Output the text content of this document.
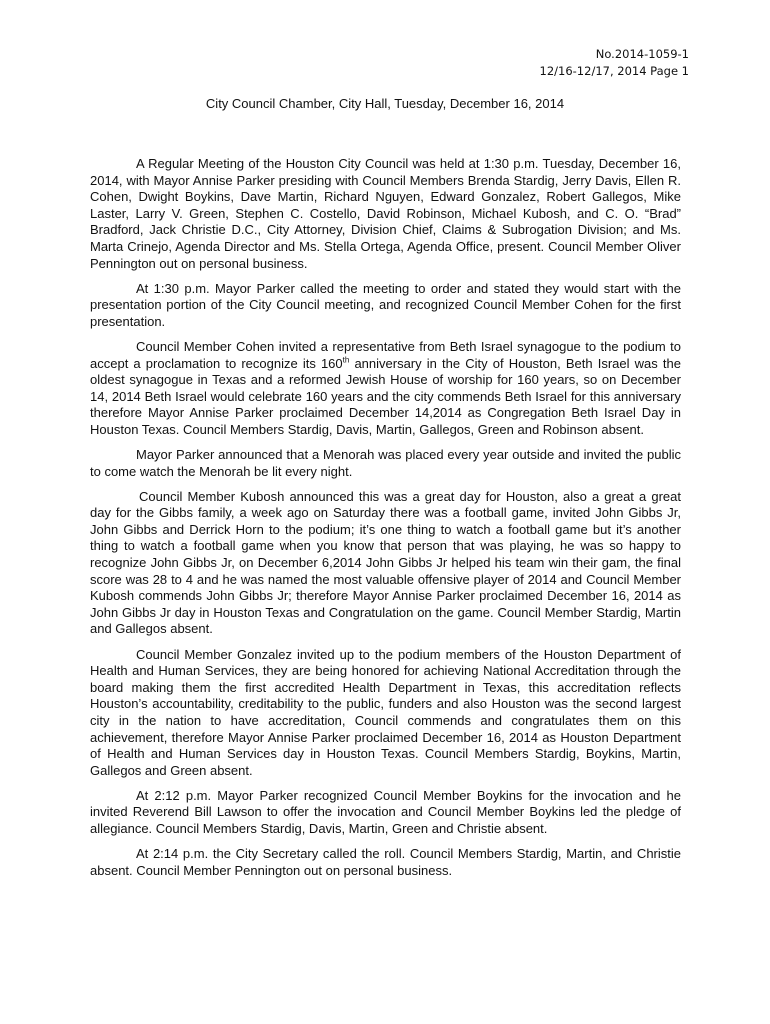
No.2014-1059-1
12/16-12/17, 2014 Page 1
City Council Chamber, City Hall, Tuesday, December 16, 2014

A Regular Meeting of the Houston City Council was held at 1:30 p.m. Tuesday, December 16, 2014, with Mayor Annise Parker presiding with Council Members Brenda Stardig, Jerry Davis, Ellen R. Cohen, Dwight Boykins, Dave Martin, Richard Nguyen, Edward Gonzalez, Robert Gallegos, Mike Laster, Larry V. Green, Stephen C. Costello, David Robinson, Michael Kubosh, and C. O. “Brad” Bradford, Jack Christie D.C., City Attorney, Division Chief, Claims & Subrogation Division; and Ms. Marta Crinejo, Agenda Director and Ms. Stella Ortega, Agenda Office, present. Council Member Oliver Pennington out on personal business.

At 1:30 p.m. Mayor Parker called the meeting to order and stated they would start with the presentation portion of the City Council meeting, and recognized Council Member Cohen for the first presentation.

Council Member Cohen invited a representative from Beth Israel synagogue to the podium to accept a proclamation to recognize its 160th anniversary in the City of Houston, Beth Israel was the oldest synagogue in Texas and a reformed Jewish House of worship for 160 years, so on December 14, 2014 Beth Israel would celebrate 160 years and the city commends Beth Israel for this anniversary therefore Mayor Annise Parker proclaimed December 14,2014 as Congregation Beth Israel Day in Houston Texas. Council Members Stardig, Davis, Martin, Gallegos, Green and Robinson absent.

Mayor Parker announced that a Menorah was placed every year outside and invited the public to come watch the Menorah be lit every night.

Council Member Kubosh announced this was a great day for Houston, also a great a great day for the Gibbs family, a week ago on Saturday there was a football game, invited John Gibbs Jr, John Gibbs and Derrick Horn to the podium; it’s one thing to watch a football game but it’s another thing to watch a football game when you know that person that was playing, he was so happy to recognize John Gibbs Jr, on December 6,2014 John Gibbs Jr helped his team win their gam, the final score was 28 to 4 and he was named the most valuable offensive player of 2014 and Council Member Kubosh commends John Gibbs Jr; therefore Mayor Annise Parker proclaimed December 16, 2014 as John Gibbs Jr day in Houston Texas and Congratulation on the game. Council Member Stardig, Martin and Gallegos absent.

Council Member Gonzalez invited up to the podium members of the Houston Department of Health and Human Services, they are being honored for achieving National Accreditation through the board making them the first accredited Health Department in Texas, this accreditation reflects Houston’s accountability, creditability to the public, funders and also Houston was the second largest city in the nation to have accreditation, Council commends and congratulates them on this achievement, therefore Mayor Annise Parker proclaimed December 16, 2014 as Houston Department of Health and Human Services day in Houston Texas. Council Members Stardig, Boykins, Martin, Gallegos and Green absent.

At 2:12 p.m. Mayor Parker recognized Council Member Boykins for the invocation and he invited Reverend Bill Lawson to offer the invocation and Council Member Boykins led the pledge of allegiance. Council Members Stardig, Davis, Martin, Green and Christie absent.

At 2:14 p.m. the City Secretary called the roll. Council Members Stardig, Martin, and Christie absent. Council Member Pennington out on personal business.
